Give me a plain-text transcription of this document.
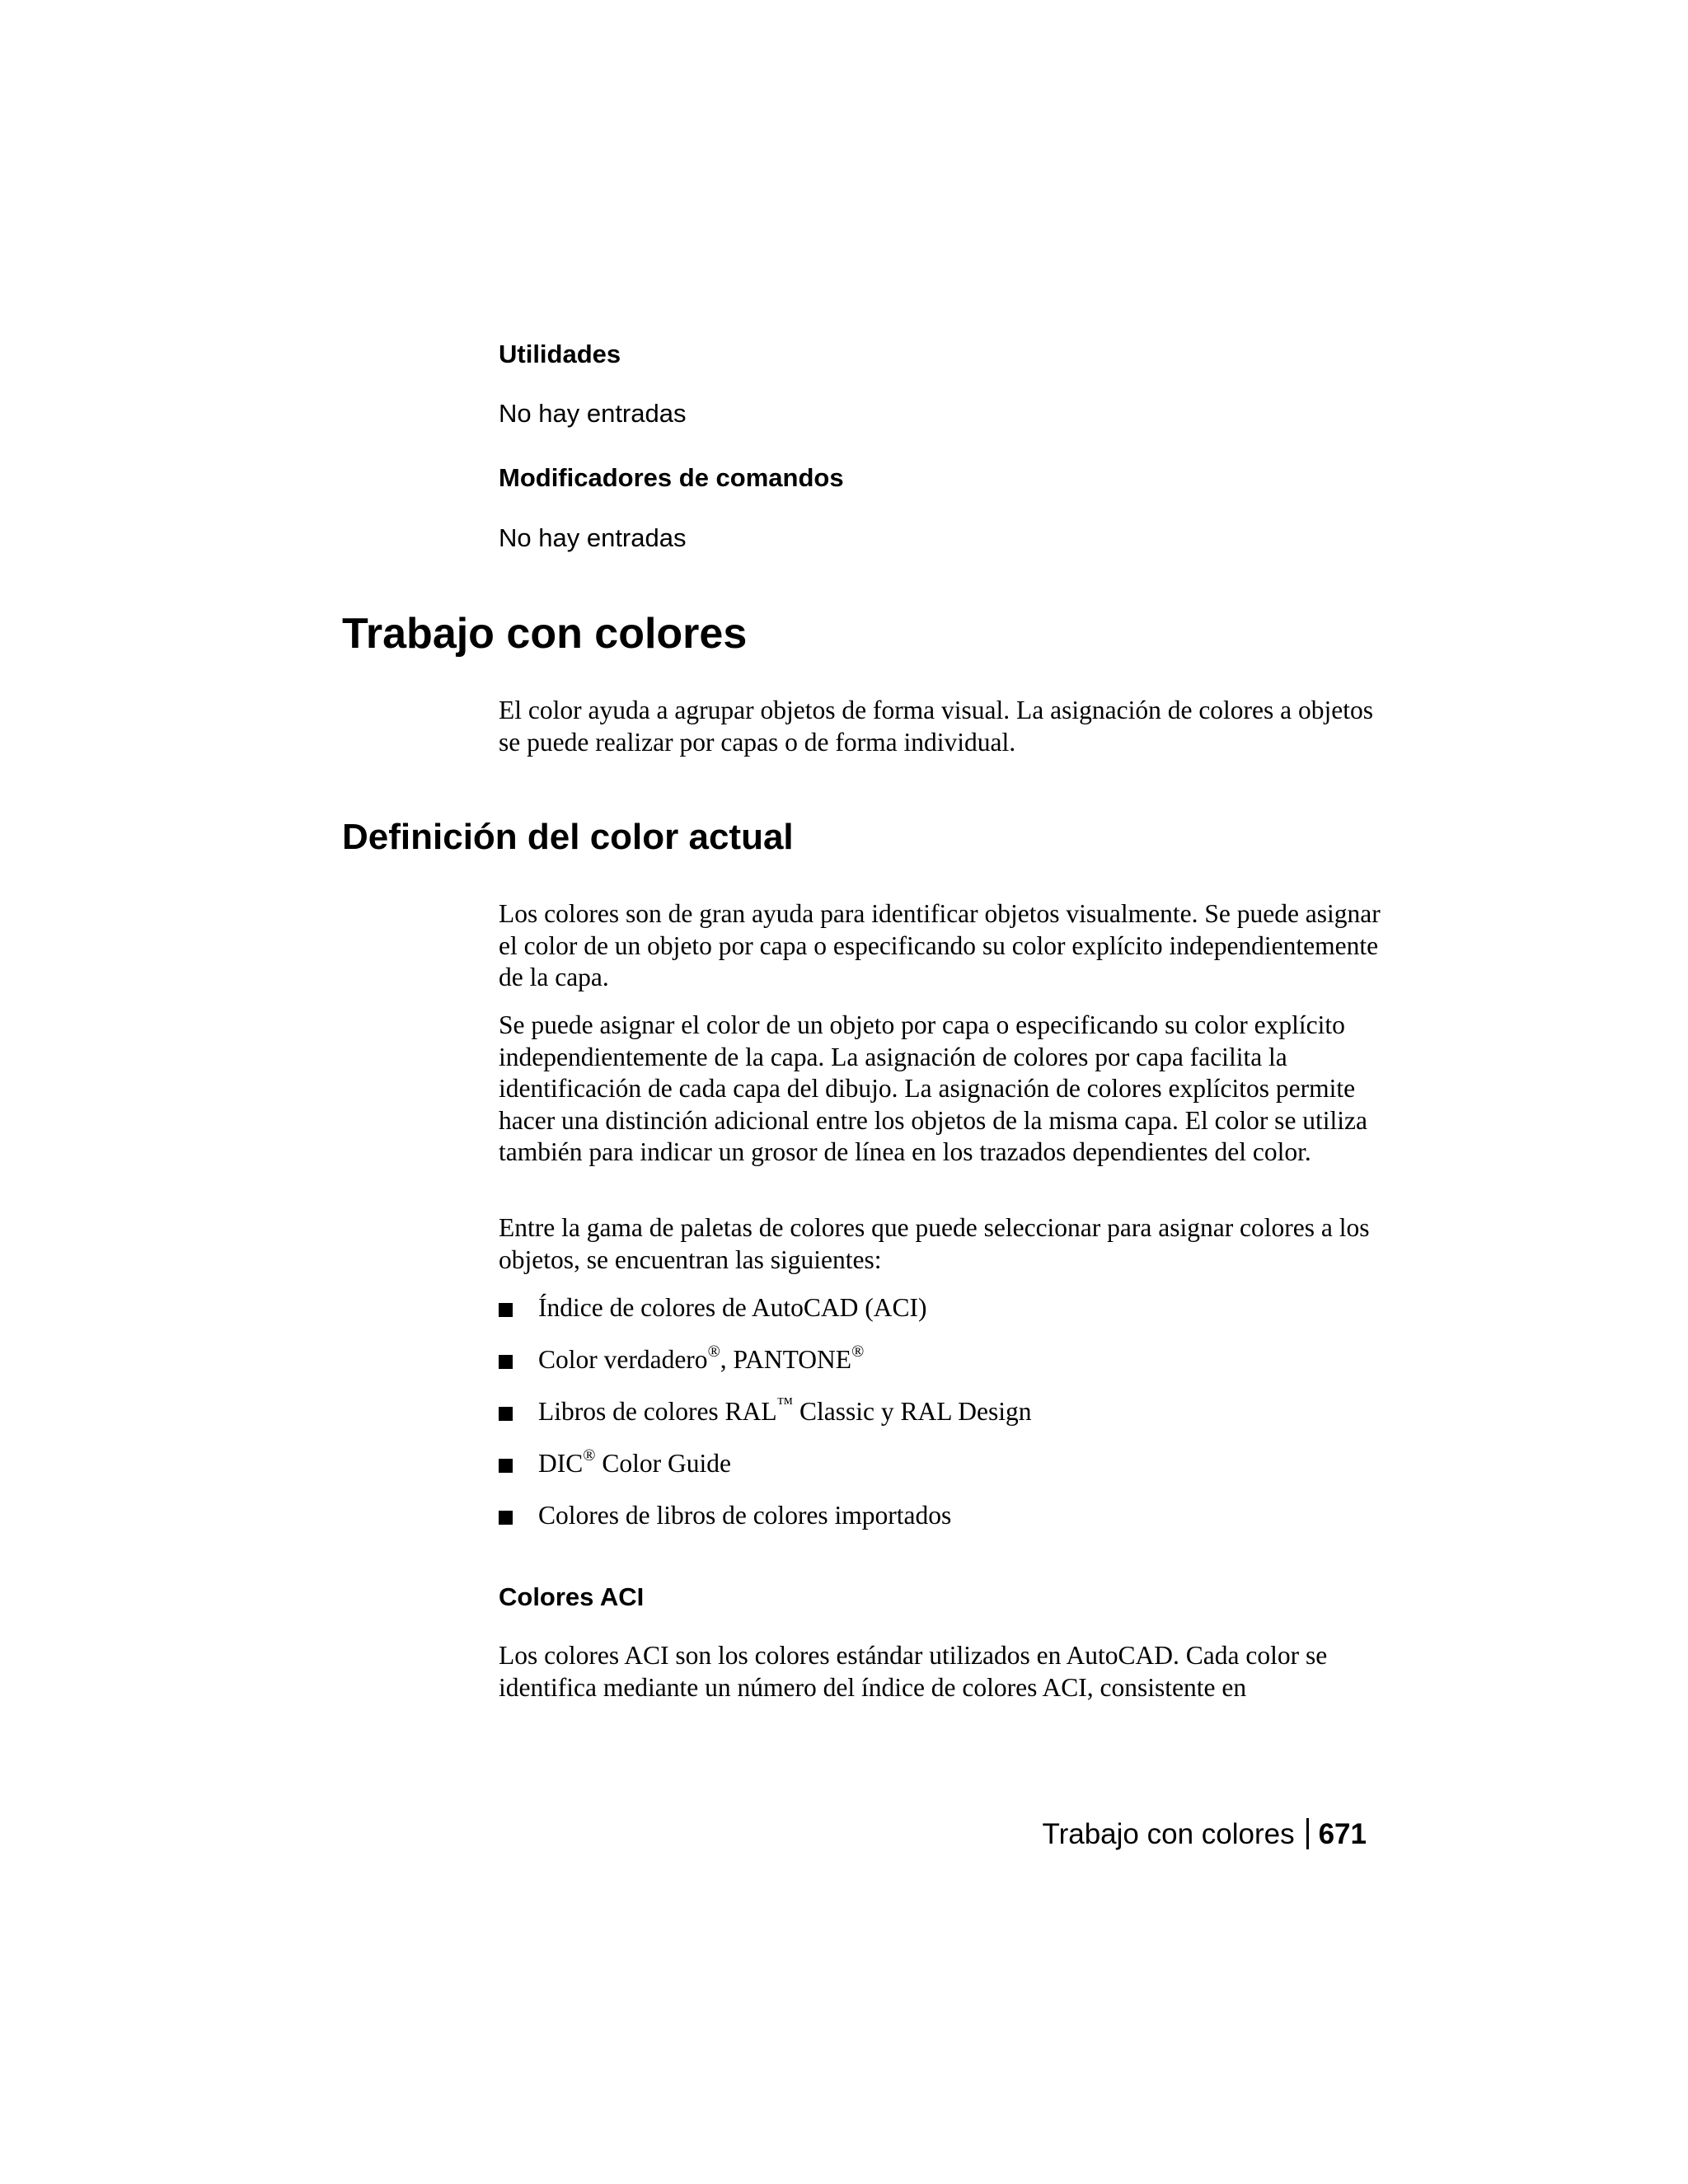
Utilidades

No hay entradas

Modificadores de comandos

No hay entradas

Trabajo con colores

El color ayuda a agrupar objetos de forma visual. La asignación de colores a objetos se puede realizar por capas o de forma individual.

Definición del color actual

Los colores son de gran ayuda para identificar objetos visualmente. Se puede asignar el color de un objeto por capa o especificando su color explícito independientemente de la capa.

Se puede asignar el color de un objeto por capa o especificando su color explícito independientemente de la capa. La asignación de colores por capa facilita la identificación de cada capa del dibujo. La asignación de colores explícitos permite hacer una distinción adicional entre los objetos de la misma capa. El color se utiliza también para indicar un grosor de línea en los trazados dependientes del color.

Entre la gama de paletas de colores que puede seleccionar para asignar colores a los objetos, se encuentran las siguientes:

Índice de colores de AutoCAD (ACI)
Color verdadero®, PANTONE®
Libros de colores RAL™ Classic y RAL Design
DIC® Color Guide
Colores de libros de colores importados
Colores ACI

Los colores ACI son los colores estándar utilizados en AutoCAD. Cada color se identifica mediante un número del índice de colores ACI, consistente en

Trabajo con colores 671
